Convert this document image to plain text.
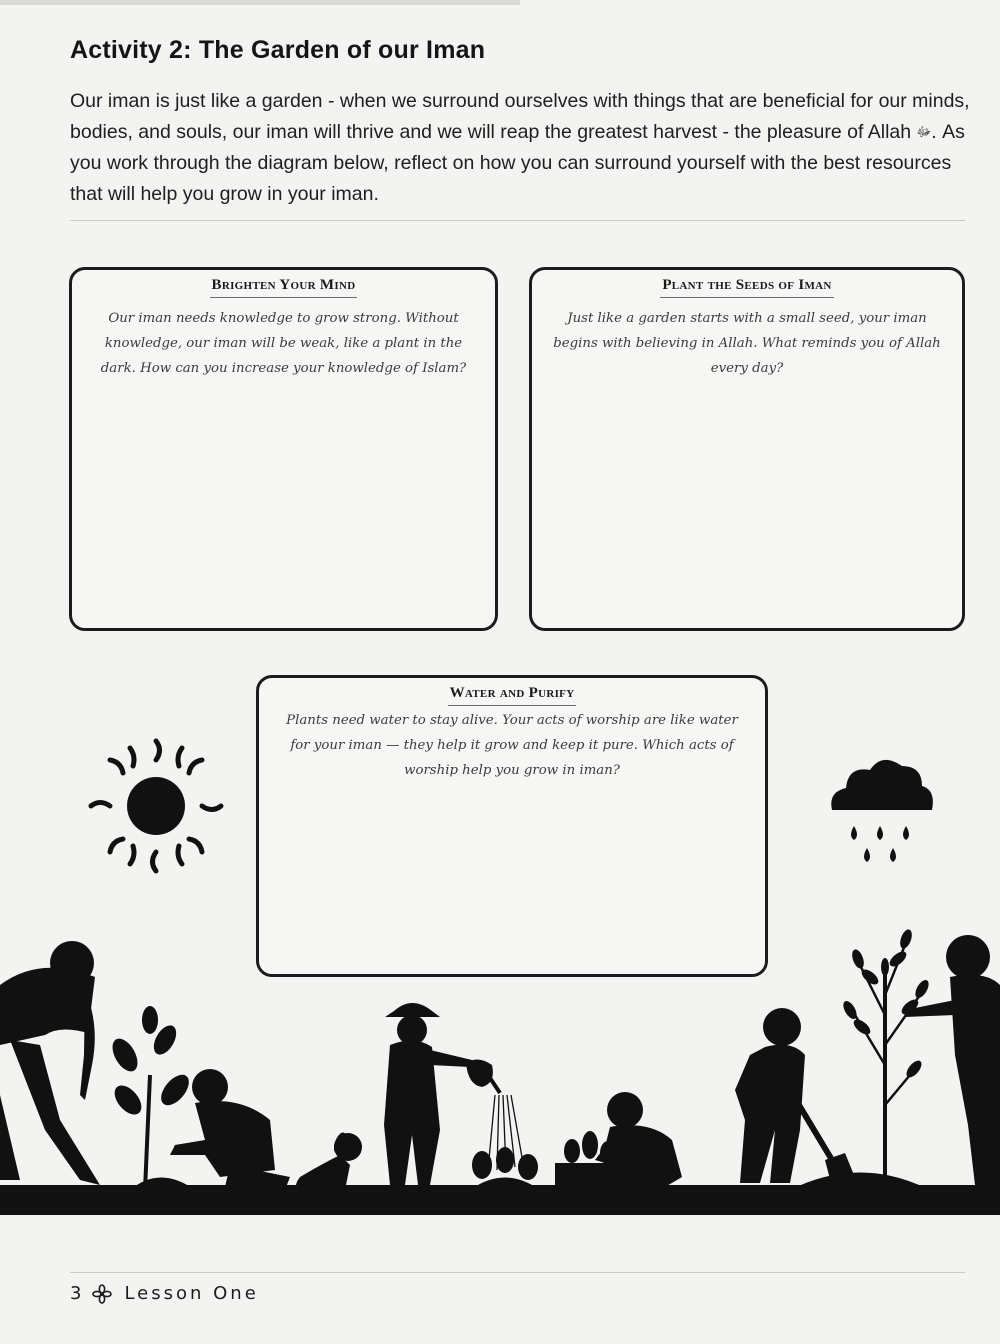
Activity 2: The Garden of our Iman

Our iman is just like a garden - when we surround ourselves with things that are beneficial for our minds, bodies, and souls, our iman will thrive and we will reap the greatest harvest - the pleasure of Allah ﷻ. As you work through the diagram below, reflect on how you can surround yourself with the best resources that will help you grow in your iman.

Brighten Your Mind
Our iman needs knowledge to grow strong. Without knowledge, our iman will be weak, like a plant in the dark. How can you increase your knowledge of Islam?
Plant the Seeds of Iman
Just like a garden starts with a small seed, your iman begins with believing in Allah. What reminds you of Allah every day?
Water and Purify
Plants need water to stay alive. Your acts of worship are like water for your iman — they help it grow and keep it pure. Which acts of worship help you grow in iman?
3 Lesson One
